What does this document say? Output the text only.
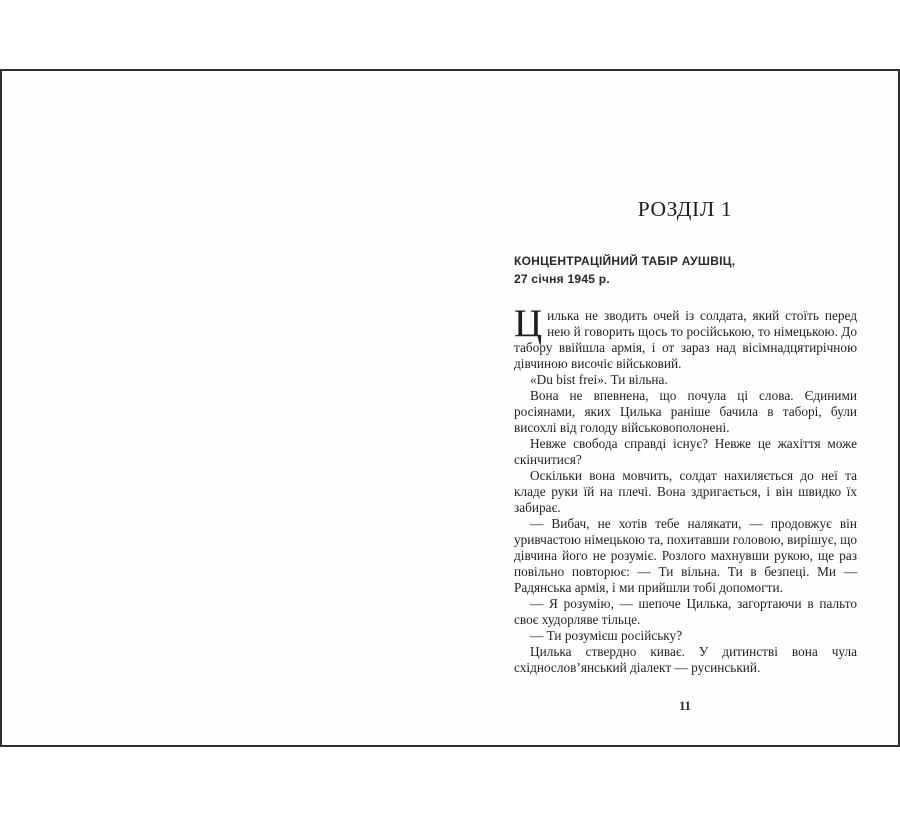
РОЗДІЛ 1
КОНЦЕНТРАЦІЙНИЙ ТАБІР АУШВІЦ,
27 січня 1945 р.

Цилька не зводить очей із солдата, який стоїть перед нею й говорить щось то російською, то німецькою. До табору ввійшла армія, і от зараз над вісімнадцятирічною дівчиною височіє військовий.

«Du bist frei». Ти вільна.

Вона не впевнена, що почула ці слова. Єдиними росіянами, яких Цилька раніше бачила в таборі, були висохлі від голоду військовополонені.

Невже свобода справді існує? Невже це жахіття може скінчитися?

Оскільки вона мовчить, солдат нахиляється до неї та кладе руки їй на плечі. Вона здригається, і він швидко їх забирає.

— Вибач, не хотів тебе налякати, — продовжує він уривчастою німецькою та, похитавши головою, вирішує, що дівчина його не розуміє. Розлого махнувши рукою, ще раз повільно повторює: — Ти вільна. Ти в безпеці. Ми — Радянська армія, і ми прийшли тобі допомогти.

— Я розумію, — шепоче Цилька, загортаючи в пальто своє худорляве тільце.

— Ти розумієш російську?

Цилька ствердно киває. У дитинстві вона чула східнослов’янський діалект — русинський.

11
